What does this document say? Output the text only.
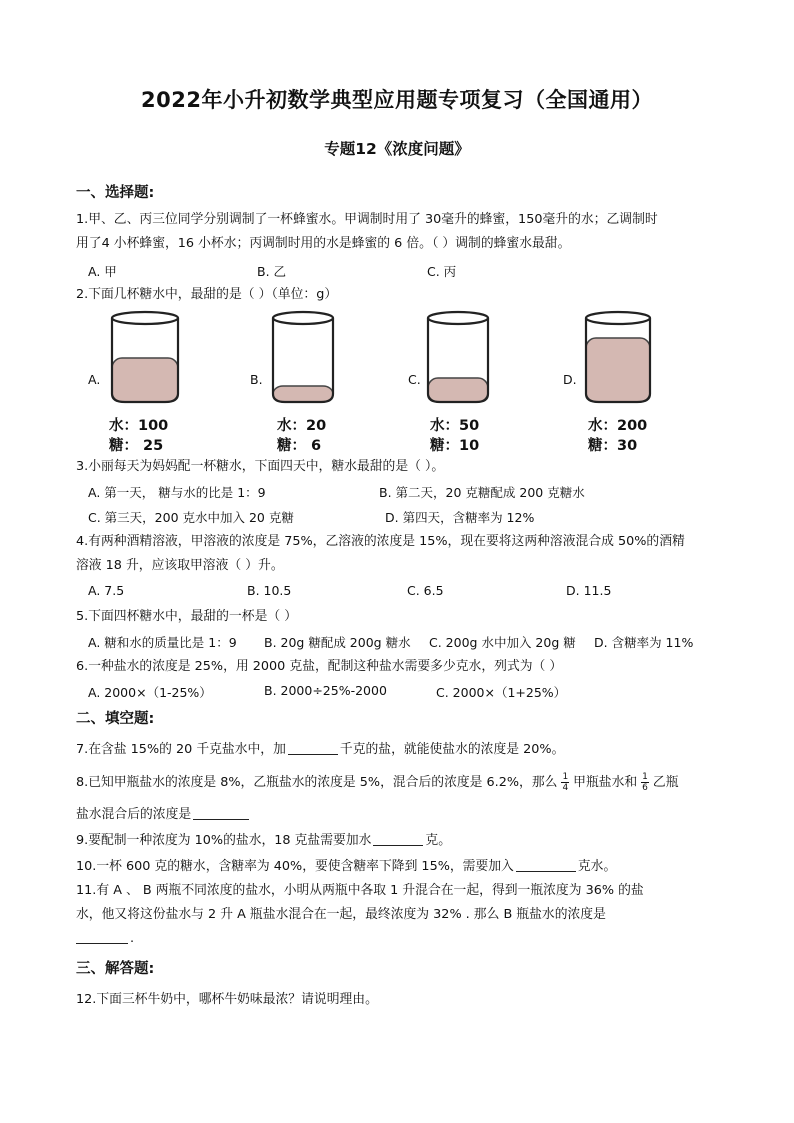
2022年小升初数学典型应用题专项复习（全国通用）
专题12《浓度问题》
一、选择题:
1.甲、乙、丙三位同学分别调制了一杯蜂蜜水。甲调制时用了 30毫升的蜂蜜，150毫升的水；乙调制时
用了4 小杯蜂蜜，16 小杯水；丙调制时用的水是蜂蜜的 6 倍。（ ）调制的蜂蜜水最甜。
A. 甲	B. 乙	C. 丙
2.下面几杯糖水中，最甜的是（ ）（单位：g）
A.
水：100
糖： 25
B.
水：20
糖： 6
C.
水：50
糖：10
D.
水：200
糖：30
3.小丽每天为妈妈配一杯糖水，下面四天中，糖水最甜的是（ ）。
A. 第一天， 糖与水的比是 1：9	B. 第二天，20 克糖配成 200 克糖水
C. 第三天，200 克水中加入 20 克糖	D. 第四天，含糖率为 12%
4.有两种酒精溶液，甲溶液的浓度是 75%，乙溶液的浓度是 15%，现在要将这两种溶液混合成 50%的酒精
溶液 18 升，应该取甲溶液（ ）升。
A. 7.5	B. 10.5	C. 6.5	D. 11.5
5.下面四杯糖水中，最甜的一杯是（ ）
A. 糖和水的质量比是 1：9 B. 20g 糖配成 200g 糖水 C. 200g 水中加入 20g 糖 D. 含糖率为 11%
6.一种盐水的浓度是 25%，用 2000 克盐，配制这种盐水需要多少克水，列式为（ ）
A. 2000×（1-25%）	B. 2000÷25%-2000	C. 2000×（1+25%）
二、填空题:
7.在含盐 15%的 20 千克盐水中，加	千克的盐，就能使盐水的浓度是 20%。
8.已知甲瓶盐水的浓度是 8%，乙瓶盐水的浓度是 5%，混合后的浓度是 6.2%，那么 $\frac{1}{4}$ 甲瓶盐水和 $\frac{1}{6}$ 乙瓶
盐水混合后的浓度是
9.要配制一种浓度为 10%的盐水，18 克盐需要加水	克。
10.一杯 600 克的糖水，含糖率为 40%，要使含糖率下降到 15%，需要加入	克水。
11.有 A 、 B 两瓶不同浓度的盐水，小明从两瓶中各取 1 升混合在一起，得到一瓶浓度为 36% 的盐
水，他又将这份盐水与 2 升 A 瓶盐水混合在一起，最终浓度为 32% . 那么 B 瓶盐水的浓度是
.
三、解答题:
12.下面三杯牛奶中，哪杯牛奶味最浓？请说明理由。
